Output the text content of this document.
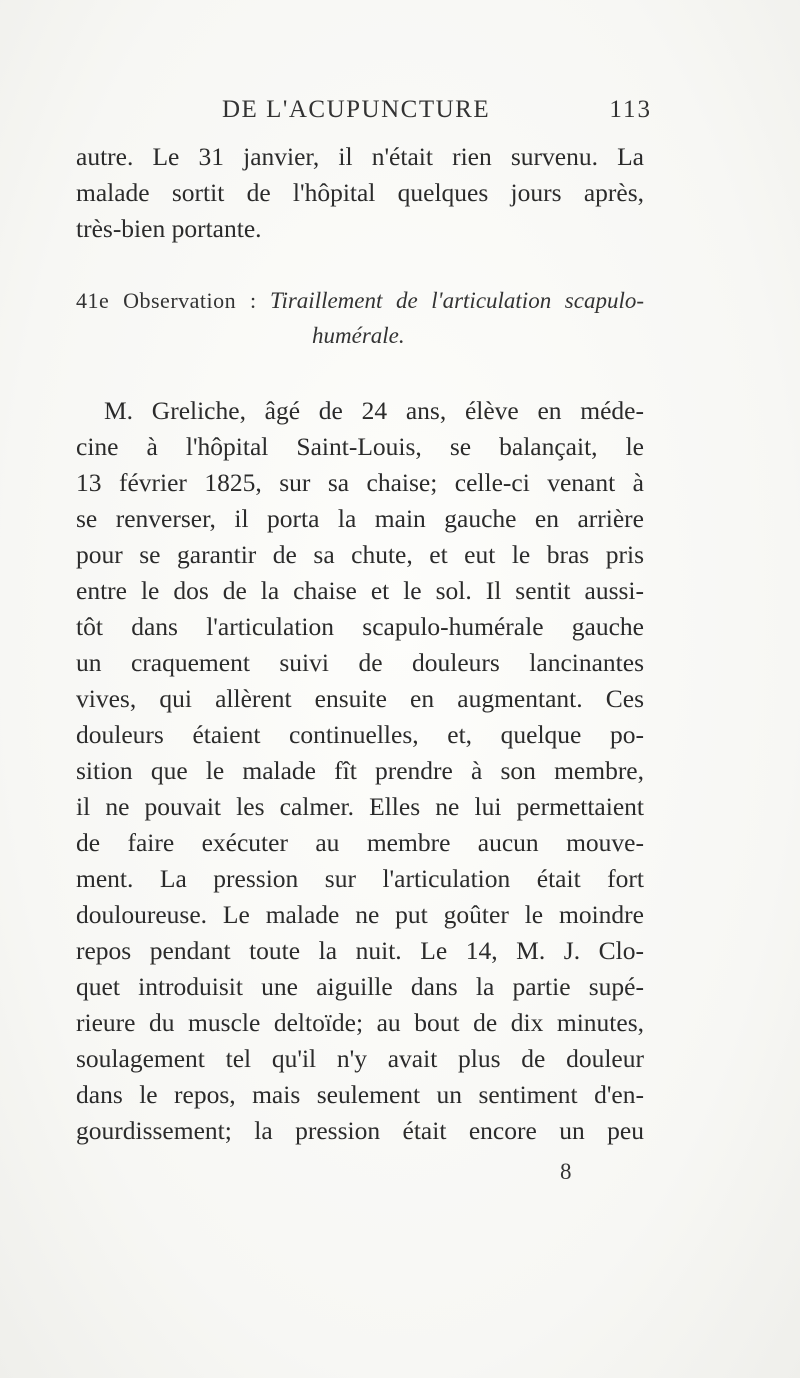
DE L'ACUPUNCTURE	113
autre. Le 31 janvier, il n'était rien survenu. La
malade sortit de l'hôpital quelques jours après,
très-bien portante.
41e Observation : Tiraillement de l'articulation scapulo-
humérale.
M. Greliche, âgé de 24 ans, élève en méde-
cine à l'hôpital Saint-Louis, se balançait, le
13 février 1825, sur sa chaise; celle-ci venant à
se renverser, il porta la main gauche en arrière
pour se garantir de sa chute, et eut le bras pris
entre le dos de la chaise et le sol. Il sentit aussi-
tôt dans l'articulation scapulo-humérale gauche
un craquement suivi de douleurs lancinantes
vives, qui allèrent ensuite en augmentant. Ces
douleurs étaient continuelles, et, quelque po-
sition que le malade fît prendre à son membre,
il ne pouvait les calmer. Elles ne lui permettaient
de faire exécuter au membre aucun mouve-
ment. La pression sur l'articulation était fort
douloureuse. Le malade ne put goûter le moindre
repos pendant toute la nuit. Le 14, M. J. Clo-
quet introduisit une aiguille dans la partie supé-
rieure du muscle deltoïde; au bout de dix minutes,
soulagement tel qu'il n'y avait plus de douleur
dans le repos, mais seulement un sentiment d'en-
gourdissement; la pression était encore un peu
8
